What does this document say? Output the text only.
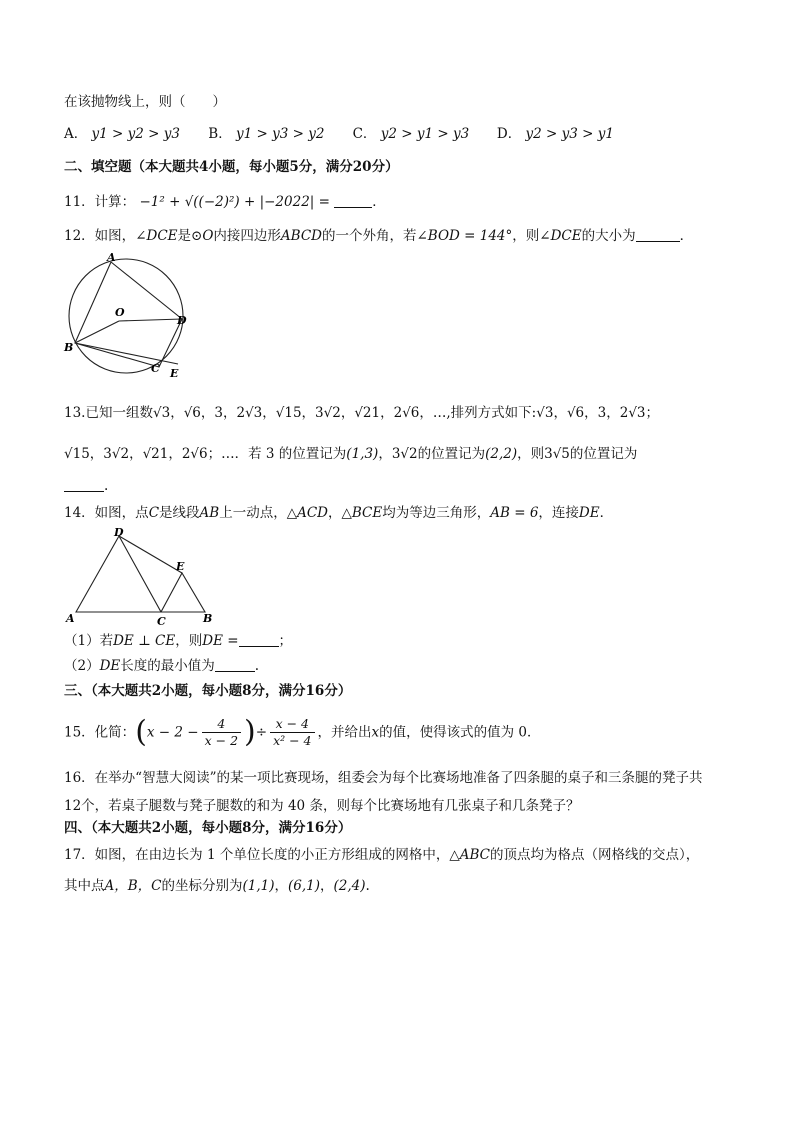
在该抛物线上，则（　　）
A． y1 > y2 > y3 B． y1 > y3 > y2 C． y2 > y1 > y3 D． y2 > y3 > y1
二、填空题（本大题共4小题，每小题5分，满分20分）
11．计算： −1² + √((−2)²) + |−2022| =	．
12．如图，∠DCE是⊙O内接四边形ABCD的一个外角，若∠BOD = 144°，则∠DCE的大小为	．
A
O
D
B
C E
13.已知一组数√3，√6，3，2√3，√15，3√2，√21，2√6，…,排列方式如下:√3，√6，3，2√3；
√15，3√2，√21，2√6；…．若 3 的位置记为(1,3)，3√2的位置记为(2,2)，则3√5的位置记为
.
14．如图，点C是线段AB上一动点，△ACD，△BCE均为等边三角形，AB = 6，连接DE．
D
E
A	C	B
（1）若DE ⊥ CE，则DE =	；
（2）DE长度的最小值为	.
三、（本大题共2小题，每小题8分，满分16分）
15．化简：($x - 2 - \frac{4}{x - 2}$ )÷ $\frac{x - 4}{\text{x² − 4}}$ ，并给出x的值，使得该式的值为 0．
16．在举办“智慧大阅读”的某一项比赛现场，组委会为每个比赛场地准备了四条腿的桌子和三条腿的凳子共
12个，若桌子腿数与凳子腿数的和为 40 条，则每个比赛场地有几张桌子和几条凳子？
四、（本大题共2小题，每小题8分，满分16分）
17．如图，在由边长为 1 个单位长度的小正方形组成的网格中，△ABC的顶点均为格点（网格线的交点），
其中点A，B，C的坐标分别为(1,1)，(6,1)，(2,4).
